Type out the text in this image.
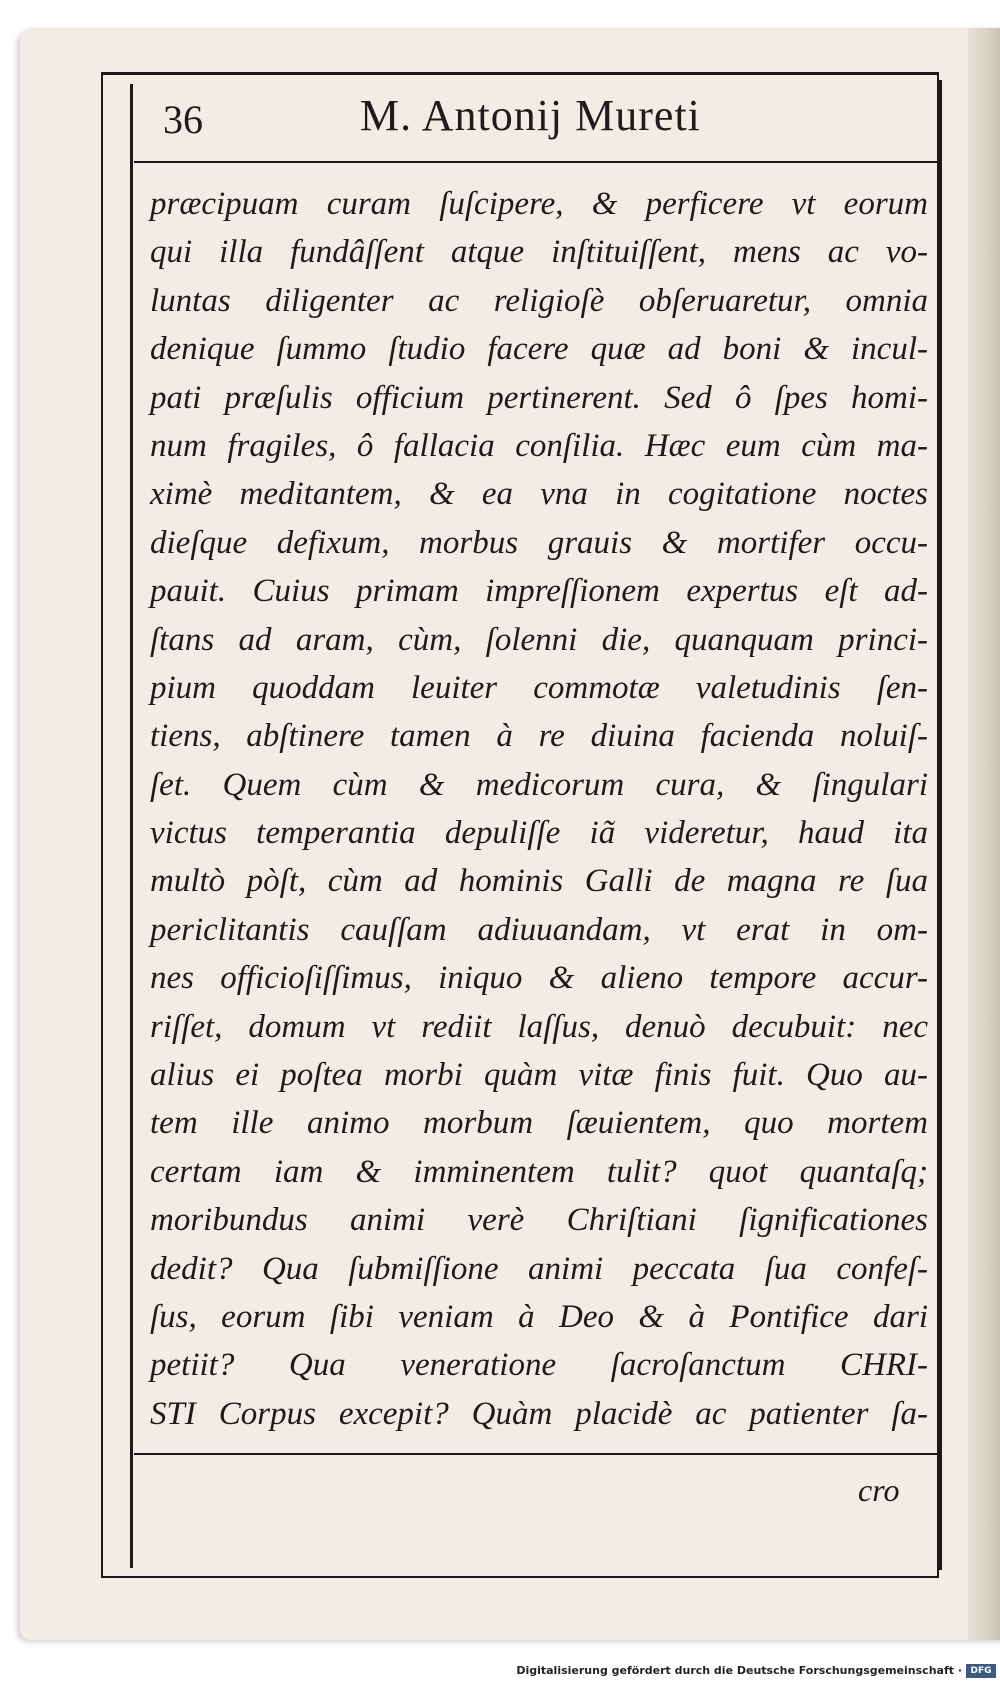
36	M. Antonij Mureti
præcipuam curam ſuſcipere, & perficere vt eorum
qui illa fundâſſent atque inſtituiſſent, mens ac vo-
luntas diligenter ac religioſè obſeruaretur, omnia
denique ſummo ſtudio facere quæ ad boni & incul-
pati præſulis officium pertinerent. Sed ô ſpes homi-
num fragiles, ô fallacia conſilia. Hæc eum cùm ma-
ximè meditantem, & ea vna in cogitatione noctes
dieſque defixum, morbus grauis & mortifer occu-
pauit. Cuius primam impreſſionem expertus eſt ad-
ſtans ad aram, cùm, ſolenni die, quanquam princi-
pium quoddam leuiter commotæ valetudinis ſen-
tiens, abſtinere tamen à re diuina facienda noluiſ-
ſet. Quem cùm & medicorum cura, & ſingulari
victus temperantia depuliſſe iã videretur, haud ita
multò pòſt, cùm ad hominis Galli de magna re ſua
periclitantis cauſſam adiuuandam, vt erat in om-
nes officioſiſſimus, iniquo & alieno tempore accur-
riſſet, domum vt rediit laſſus, denuò decubuit: nec
alius ei poſtea morbi quàm vitæ finis fuit. Quo au-
tem ille animo morbum ſæuientem, quo mortem
certam iam & imminentem tulit? quot quantaſq;
moribundus animi verè Chriſtiani ſignificationes
dedit? Qua ſubmiſſione animi peccata ſua confeſ-
ſus, eorum ſibi veniam à Deo & à Pontifice dari
petiit? Qua veneratione ſacroſanctum CHRI-
STI Corpus excepit? Quàm placidè ac patienter ſa-
cro
Digitalisierung gefördert durch die Deutsche Forschungsgemeinschaft · DFG
